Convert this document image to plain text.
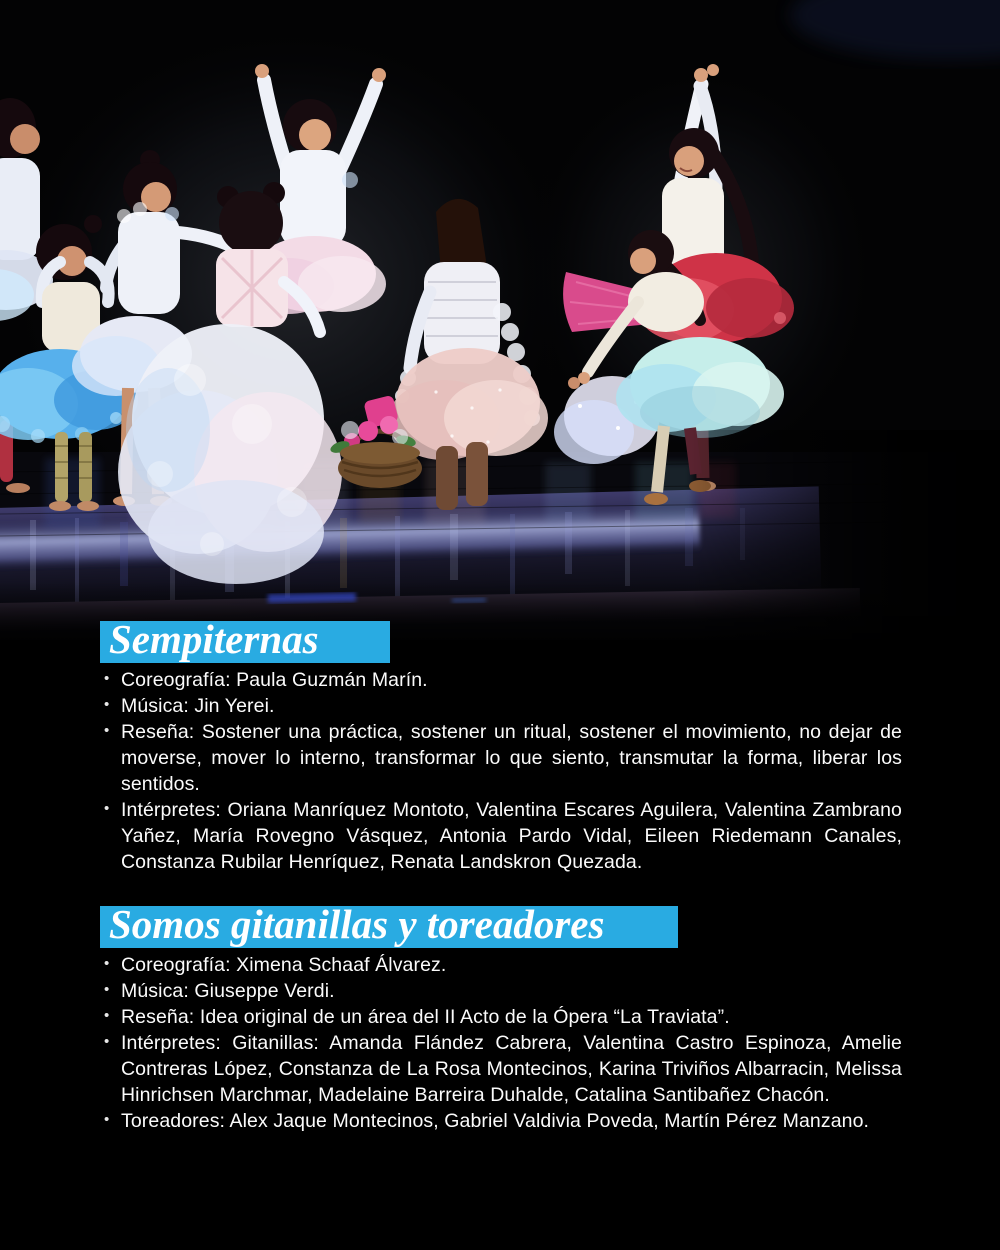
Sempiternas
• Coreografía: Paula Guzmán Marín.
• Música: Jin Yerei.
• Reseña: Sostener una práctica, sostener un ritual, sostener el movimiento, no dejar de moverse, mover lo interno, transformar lo que siento, transmutar la forma, liberar los sentidos.
• Intérpretes: Oriana Manríquez Montoto, Valentina Escares Aguilera, Valentina Zambrano Yañez, María Rovegno Vásquez, Antonia Pardo Vidal, Eileen Riedemann Canales, Constanza Rubilar Henríquez, Renata Landskron Quezada.
Somos gitanillas y toreadores
• Coreografía: Ximena Schaaf Álvarez.
• Música: Giuseppe Verdi.
• Reseña: Idea original de un área del II Acto de la Ópera “La Traviata”.
• Intérpretes: Gitanillas: Amanda Flández Cabrera, Valentina Castro Espinoza, Amelie Contreras López, Constanza de La Rosa Montecinos, Karina Triviños Albarracin, Melissa Hinrichsen Marchmar, Madelaine Barreira Duhalde, Catalina Santibañez Chacón.
• Toreadores: Alex Jaque Montecinos, Gabriel Valdivia Poveda, Martín Pérez Manzano.
